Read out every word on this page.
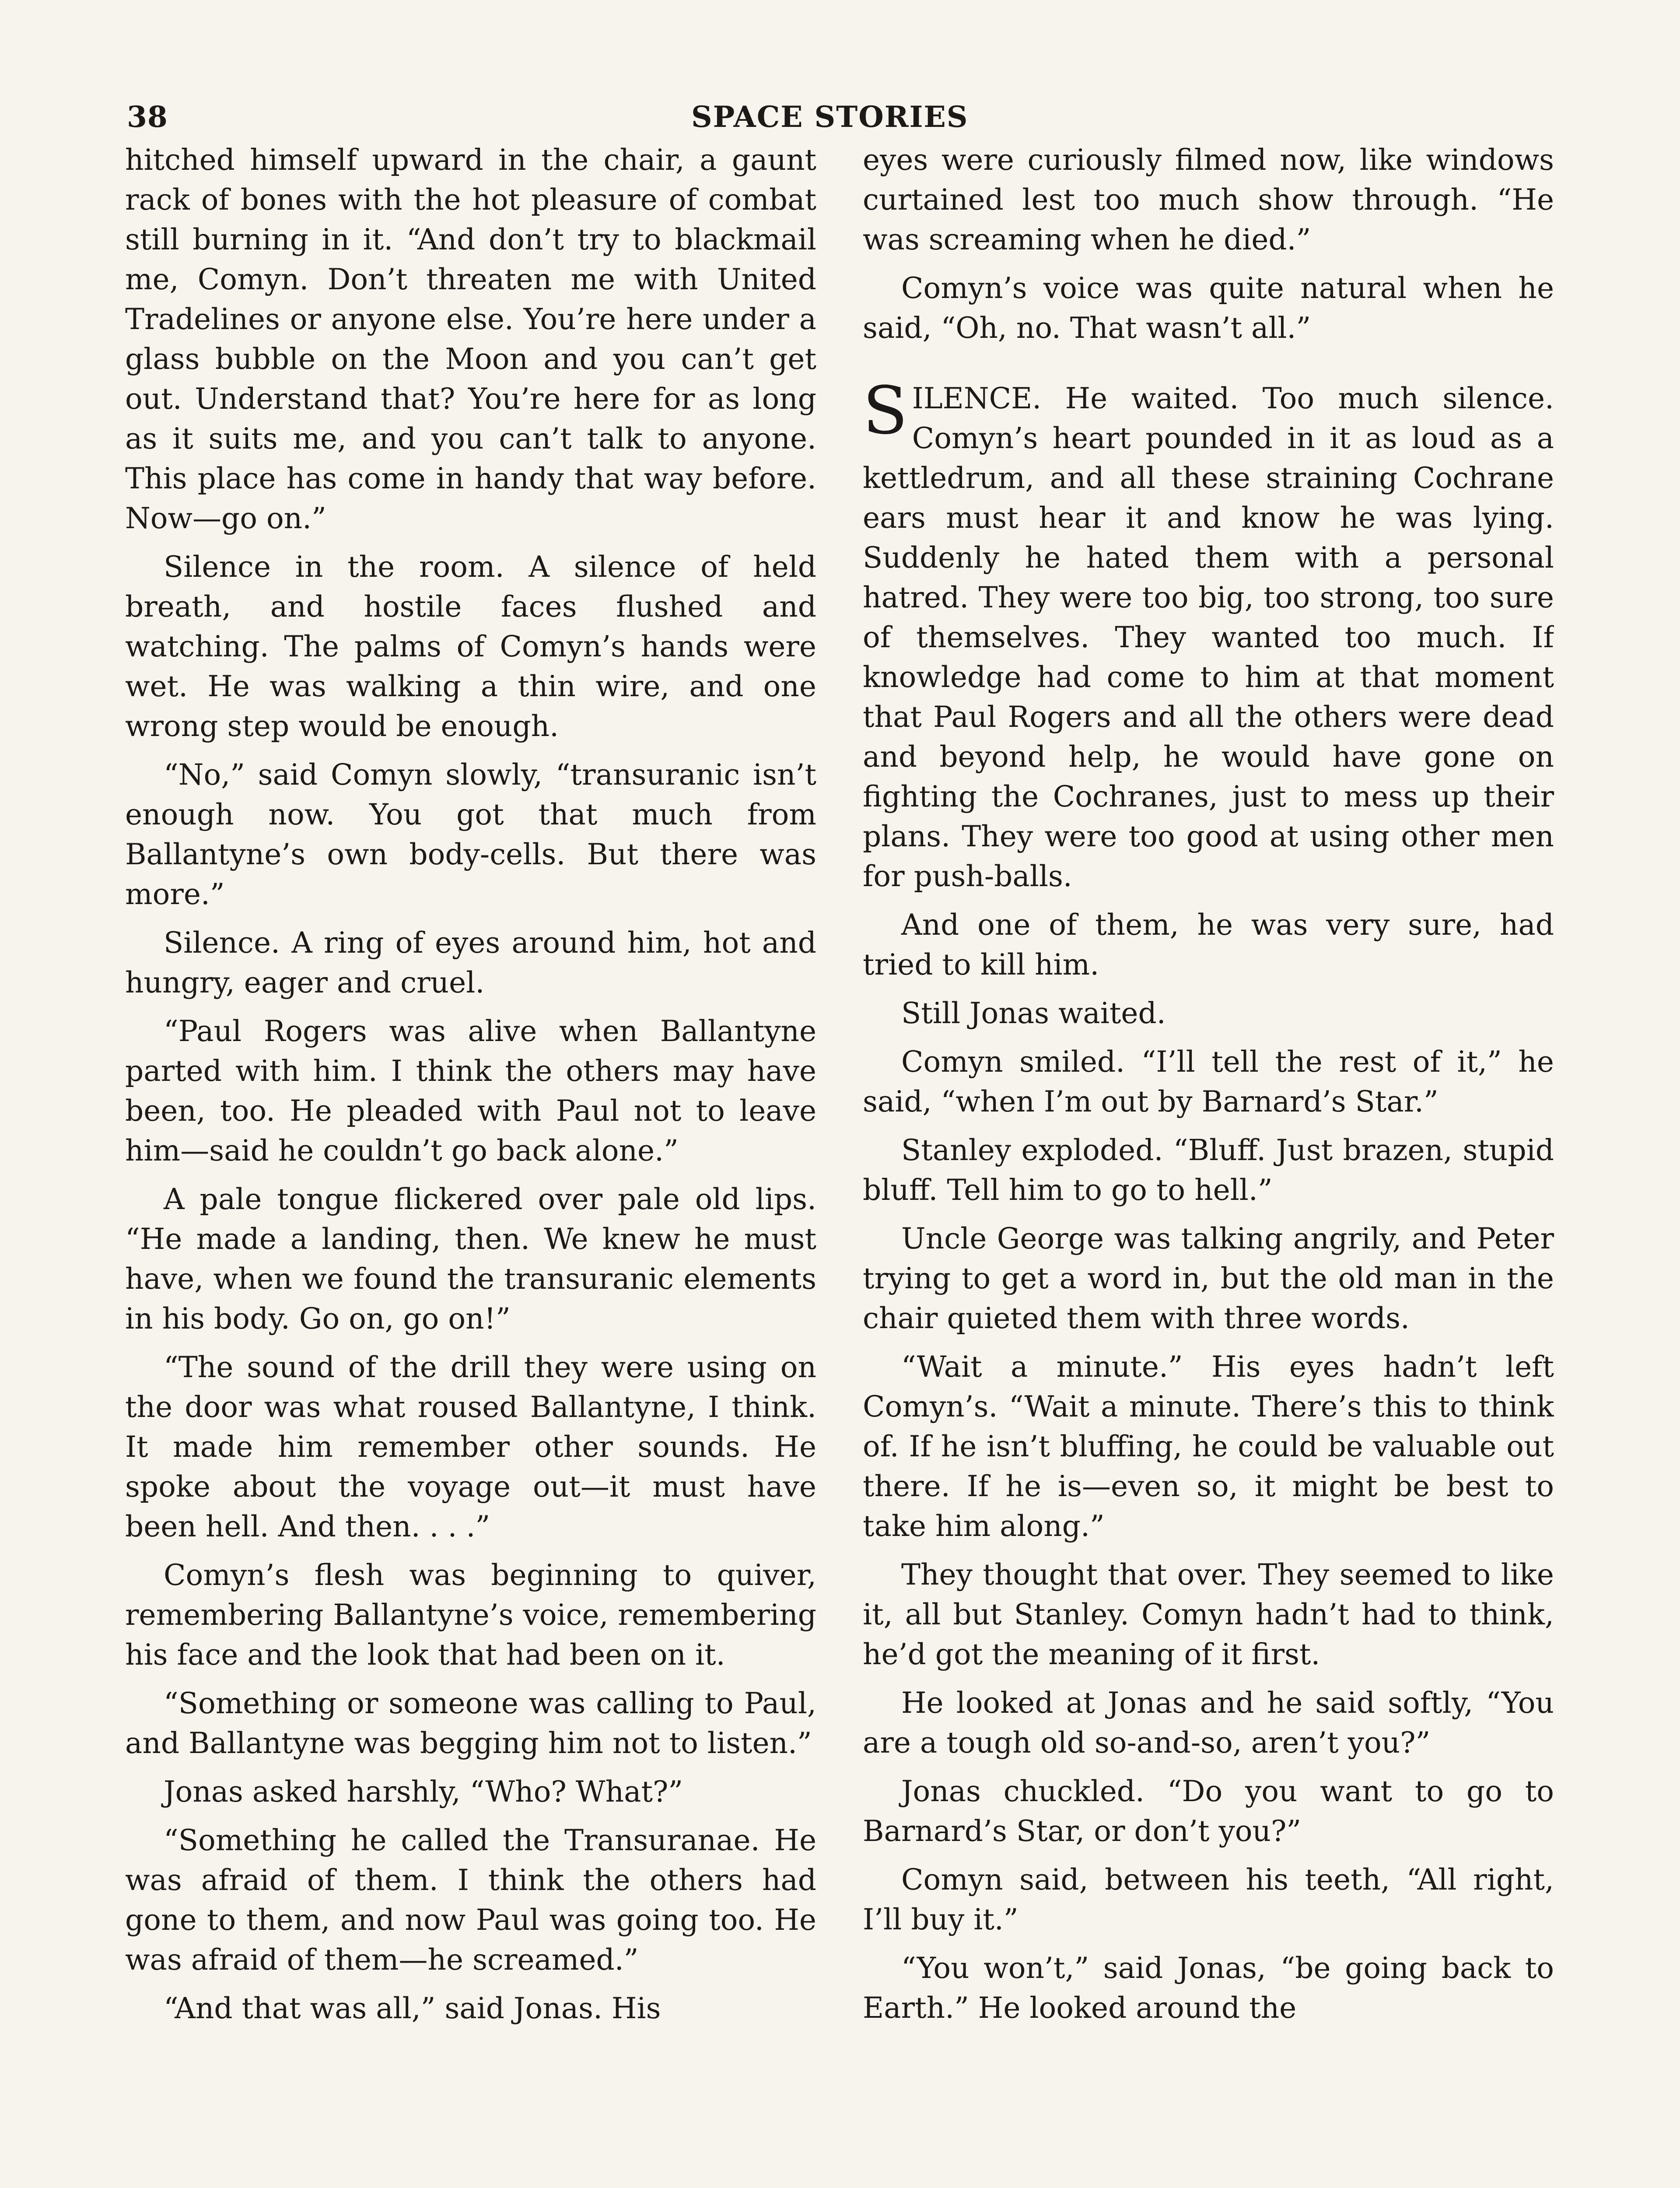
38	SPACE STORIES

hitched himself upward in the chair, a gaunt rack of bones with the hot pleasure of combat still burning in it. “And don’t try to blackmail me, Comyn. Don’t threaten me with United Tradelines or anyone else. You’re here under a glass bubble on the Moon and you can’t get out. Understand that? You’re here for as long as it suits me, and you can’t talk to anyone. This place has come in handy that way before. Now—go on.”

Silence in the room. A silence of held breath, and hostile faces flushed and watching. The palms of Comyn’s hands were wet. He was walking a thin wire, and one wrong step would be enough.

“No,” said Comyn slowly, “transuranic isn’t enough now. You got that much from Ballantyne’s own body-cells. But there was more.”

Silence. A ring of eyes around him, hot and hungry, eager and cruel.

“Paul Rogers was alive when Ballantyne parted with him. I think the others may have been, too. He pleaded with Paul not to leave him—said he couldn’t go back alone.”

A pale tongue flickered over pale old lips. “He made a landing, then. We knew he must have, when we found the transuranic elements in his body. Go on, go on!”

“The sound of the drill they were using on the door was what roused Ballantyne, I think. It made him remember other sounds. He spoke about the voyage out—it must have been hell. And then. . . .”

Comyn’s flesh was beginning to quiver, remembering Ballantyne’s voice, remembering his face and the look that had been on it.

“Something or someone was calling to Paul, and Ballantyne was begging him not to listen.”

Jonas asked harshly, “Who? What?”

“Something he called the Transuranae. He was afraid of them. I think the others had gone to them, and now Paul was going too. He was afraid of them—he screamed.”

“And that was all,” said Jonas. His

eyes were curiously filmed now, like windows curtained lest too much show through. “He was screaming when he died.”

Comyn’s voice was quite natural when he said, “Oh, no. That wasn’t all.”

SILENCE. He waited. Too much silence. Comyn’s heart pounded in it as loud as a kettledrum, and all these straining Cochrane ears must hear it and know he was lying. Suddenly he hated them with a personal hatred. They were too big, too strong, too sure of themselves. They wanted too much. If knowledge had come to him at that moment that Paul Rogers and all the others were dead and beyond help, he would have gone on fighting the Cochranes, just to mess up their plans. They were too good at using other men for push-balls.

And one of them, he was very sure, had tried to kill him.

Still Jonas waited.

Comyn smiled. “I’ll tell the rest of it,” he said, “when I’m out by Barnard’s Star.”

Stanley exploded. “Bluff. Just brazen, stupid bluff. Tell him to go to hell.”

Uncle George was talking angrily, and Peter trying to get a word in, but the old man in the chair quieted them with three words.

“Wait a minute.” His eyes hadn’t left Comyn’s. “Wait a minute. There’s this to think of. If he isn’t bluffing, he could be valuable out there. If he is—even so, it might be best to take him along.”

They thought that over. They seemed to like it, all but Stanley. Comyn hadn’t had to think, he’d got the meaning of it first.

He looked at Jonas and he said softly, “You are a tough old so-and-so, aren’t you?”

Jonas chuckled. “Do you want to go to Barnard’s Star, or don’t you?”

Comyn said, between his teeth, “All right, I’ll buy it.”

“You won’t,” said Jonas, “be going back to Earth.” He looked around the
